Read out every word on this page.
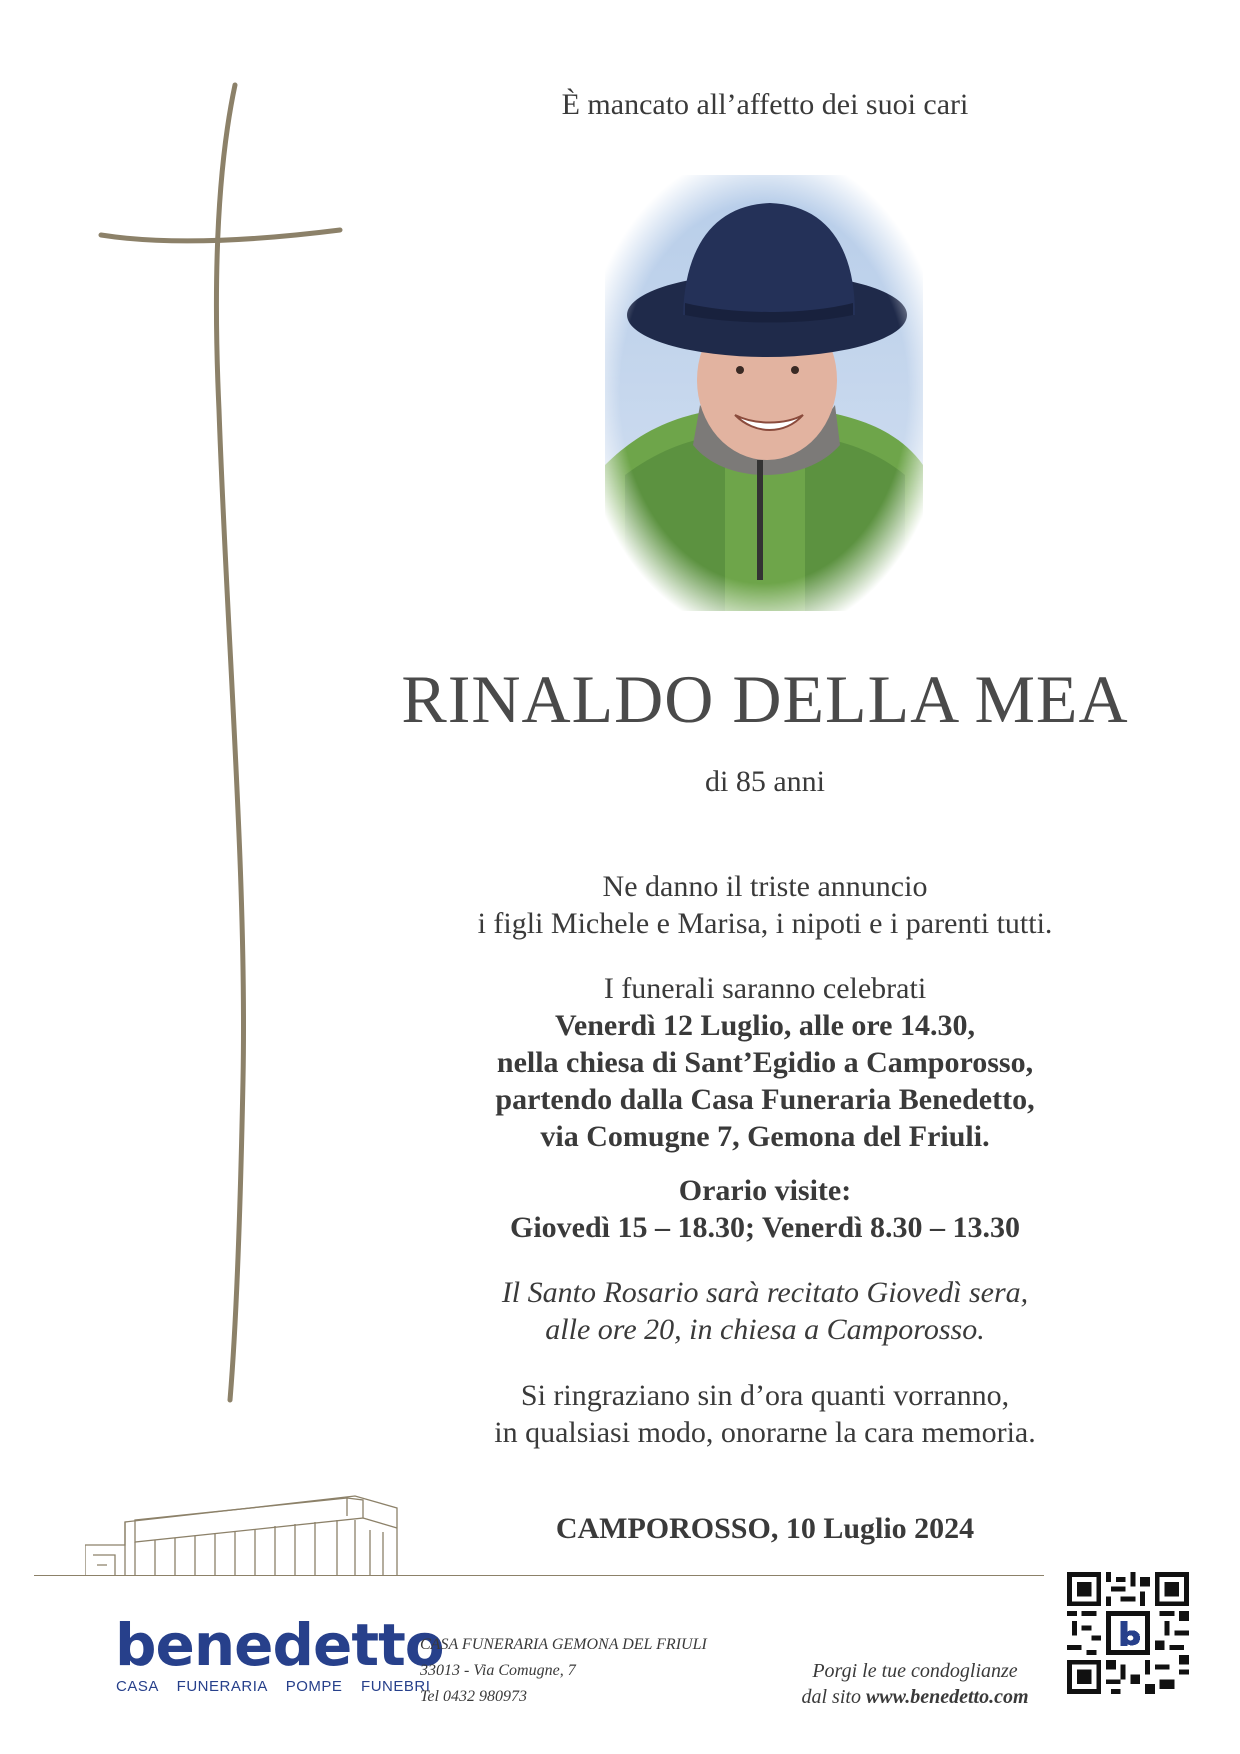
È mancato all’affetto dei suoi cari
RINALDO DELLA MEA
di 85 anni
Ne danno il triste annuncio
i figli Michele e Marisa, i nipoti e i parenti tutti.
I funerali saranno celebrati
Venerdì 12 Luglio, alle ore 14.30,
nella chiesa di Sant’Egidio a Camporosso,
partendo dalla Casa Funeraria Benedetto,
via Comugne 7, Gemona del Friuli.
Orario visite:
Giovedì 15 – 18.30; Venerdì 8.30 – 13.30
Il Santo Rosario sarà recitato Giovedì sera,
alle ore 20, in chiesa a Camporosso.
Si ringraziano sin d’ora quanti vorranno,
in qualsiasi modo, onorarne la cara memoria.
CAMPOROSSO, 10 Luglio 2024
benedetto
CASA FUNERARIA POMPE FUNEBRI
CASA FUNERARIA GEMONA DEL FRIULI
33013 - Via Comugne, 7
Tel 0432 980973
Porgi le tue condoglianze
dal sito www.benedetto.com
